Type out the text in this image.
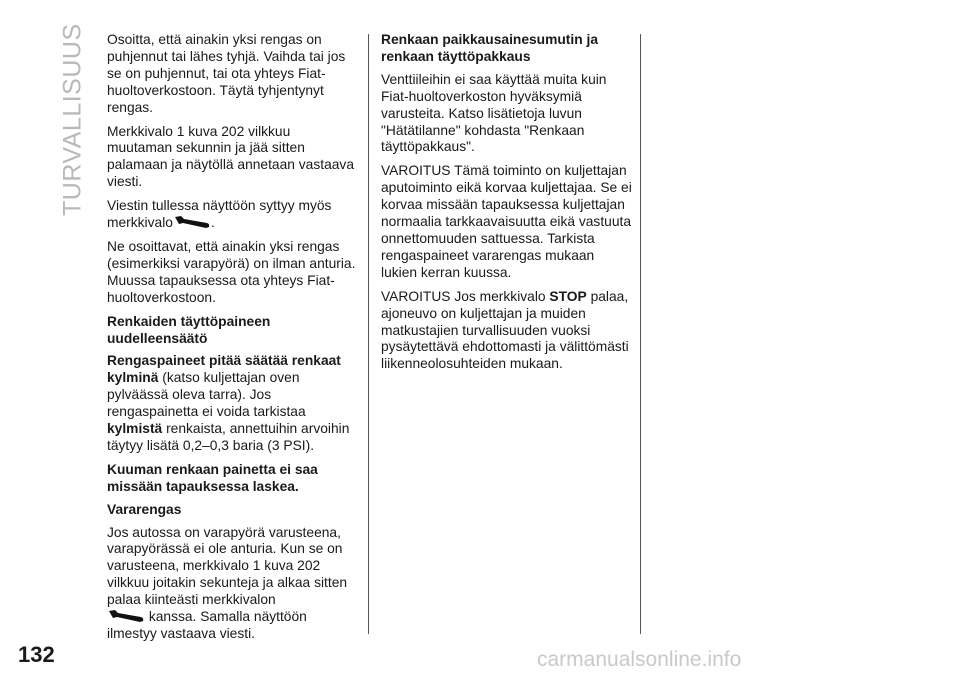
TURVALLISUUS Osoitta, että ainakin yksi rengas on puhjennut tai lähes tyhjä. Vaihda tai jos se on puhjennut, tai ota yhteys Fiat-huoltoverkostoon. Täytä tyhjentynyt rengas.

Merkkivalo 1 kuva 202 vilkkuu muutaman sekunnin ja jää sitten palamaan ja näytöllä annetaan vastaava viesti.

Viestin tullessa näyttöön syttyy myös merkkivalo	.

Ne osoittavat, että ainakin yksi rengas (esimerkiksi varapyörä) on ilman anturia. Muussa tapauksessa ota yhteys Fiat-huoltoverkostoon.

Renkaiden täyttöpaineen uudelleensäätö

Rengaspaineet pitää säätää renkaat kylminä (katso kuljettajan oven pylväässä oleva tarra). Jos rengaspainetta ei voida tarkistaa kylmistä renkaista, annettuihin arvoihin täytyy lisätä 0,2–0,3 baria (3 PSI).

Kuuman renkaan painetta ei saa missään tapauksessa laskea.

Vararengas

Jos autossa on varapyörä varusteena, varapyörässä ei ole anturia. Kun se on varusteena, merkkivalo 1 kuva 202 vilkkuu joitakin sekunteja ja alkaa sitten palaa kiinteästi merkkivalon
kanssa. Samalla näyttöön ilmestyy vastaava viesti.

Renkaan paikkausainesumutin ja renkaan täyttöpakkaus

Venttiileihin ei saa käyttää muita kuin Fiat-huoltoverkoston hyväksymiä varusteita. Katso lisätietoja luvun "Hätätilanne" kohdasta "Renkaan täyttöpakkaus".

VAROITUS Tämä toiminto on kuljettajan aputoiminto eikä korvaa kuljettajaa. Se ei korvaa missään tapauksessa kuljettajan normaalia tarkkaavaisuutta eikä vastuuta onnettomuuden sattuessa. Tarkista rengaspaineet vararengas mukaan lukien kerran kuussa.

VAROITUS Jos merkkivalo STOP palaa, ajoneuvo on kuljettajan ja muiden matkustajien turvallisuuden vuoksi pysäytettävä ehdottomasti ja välittömästi liikenneolosuhteiden mukaan.

132	carmanualsonline.info
